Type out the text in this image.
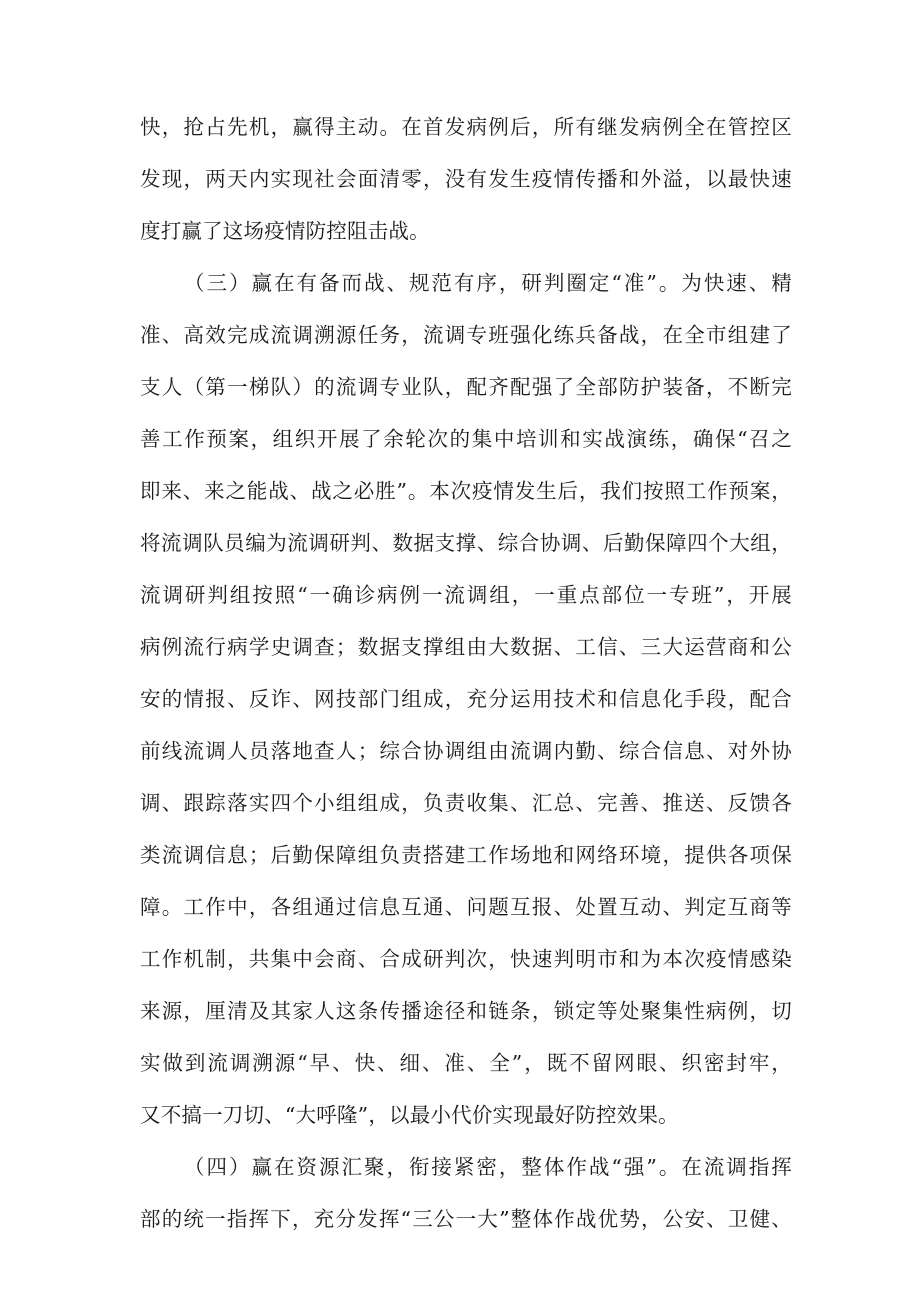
快，抢占先机，赢得主动。在首发病例后，所有继发病例全在管控区
发现，两天内实现社会面清零，没有发生疫情传播和外溢，以最快速
度打赢了这场疫情防控阻击战。
（三）赢在有备而战、规范有序，研判圈定“准”。为快速、精
准、高效完成流调溯源任务，流调专班强化练兵备战，在全市组建了
支人（第一梯队）的流调专业队，配齐配强了全部防护装备，不断完
善工作预案，组织开展了余轮次的集中培训和实战演练，确保“召之
即来、来之能战、战之必胜”。本次疫情发生后，我们按照工作预案，
将流调队员编为流调研判、数据支撑、综合协调、后勤保障四个大组，
流调研判组按照“一确诊病例一流调组，一重点部位一专班”，开展
病例流行病学史调查；数据支撑组由大数据、工信、三大运营商和公
安的情报、反诈、网技部门组成，充分运用技术和信息化手段，配合
前线流调人员落地查人；综合协调组由流调内勤、综合信息、对外协
调、跟踪落实四个小组组成，负责收集、汇总、完善、推送、反馈各
类流调信息；后勤保障组负责搭建工作场地和网络环境，提供各项保
障。工作中，各组通过信息互通、问题互报、处置互动、判定互商等
工作机制，共集中会商、合成研判次，快速判明市和为本次疫情感染
来源，厘清及其家人这条传播途径和链条，锁定等处聚集性病例，切
实做到流调溯源“早、快、细、准、全”，既不留网眼、织密封牢，
又不搞一刀切、“大呼隆”，以最小代价实现最好防控效果。
（四）赢在资源汇聚，衔接紧密，整体作战“强”。在流调指挥
部的统一指挥下，充分发挥“三公一大”整体作战优势，公安、卫健、
